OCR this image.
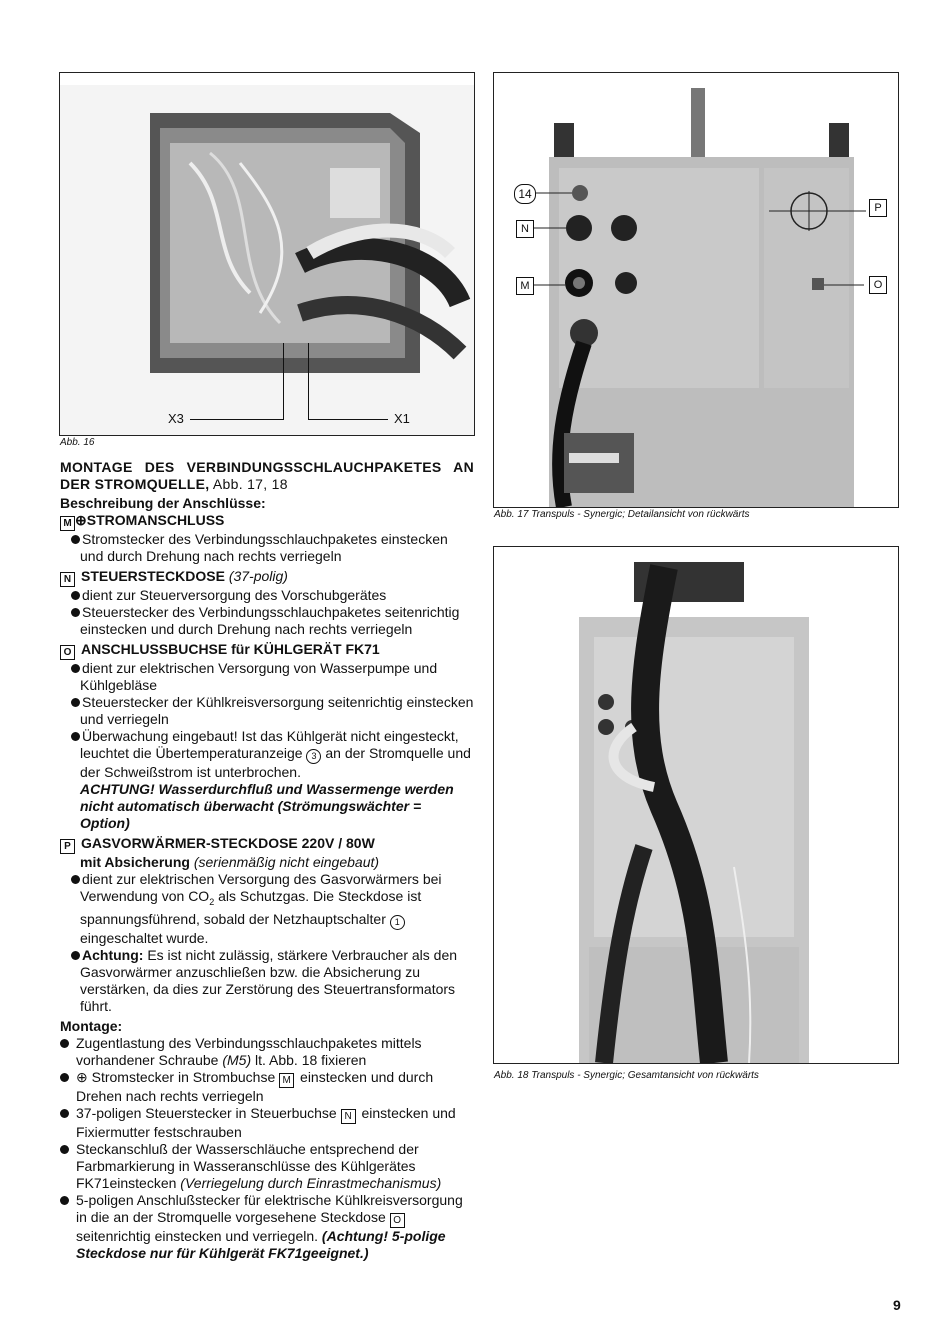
X3	X1
Abb. 16
14
N
M
P
O
Abb. 17 Transpuls - Synergic; Detailansicht von rückwärts
Abb. 18 Transpuls - Synergic; Gesamtansicht von rückwärts
MONTAGE DES VERBINDUNGSSCHLAUCHPAKETES AN DER STROMQUELLE, Abb. 17, 18
Beschreibung der Anschlüsse:
M ⊕STROMANSCHLUSS
Stromstecker des Verbindungsschlauchpaketes einstecken und durch Drehung nach rechts verriegeln
N STEUERSTECKDOSE (37-polig)
dient zur Steuerversorgung des Vorschubgerätes
Steuerstecker des Verbindungsschlauchpaketes seitenrichtig einstecken und durch Drehung nach rechts verriegeln
O ANSCHLUSSBUCHSE für KÜHLGERÄT FK71
dient zur elektrischen Versorgung von Wasserpumpe und Kühlgebläse
Steuerstecker der Kühlkreisversorgung seitenrichtig einstecken und verriegeln
Überwachung eingebaut! Ist das Kühlgerät nicht eingesteckt, leuchtet die Übertemperaturanzeige 3 an der Stromquelle und der Schweißstrom ist unterbrochen.
ACHTUNG! Wasserdurchfluß und Wassermenge werden nicht automatisch überwacht (Strömungswächter = Option)
P GASVORWÄRMER-STECKDOSE 220V / 80W
mit Absicherung (serienmäßig nicht eingebaut)
dient zur elektrischen Versorgung des Gasvorwärmers bei Verwendung von $CO_2$ als Schutzgas. Die Steckdose ist spannungsführend, sobald der Netzhauptschalter 1eingeschaltet wurde.
Achtung: Es ist nicht zulässig, stärkere Verbraucher als den Gasvorwärmer anzuschließen bzw. die Absicherung zu verstärken, da dies zur Zerstörung des Steuertransformators führt.
Montage:
Zugentlastung des Verbindungsschlauchpaketes mittels vorhandener Schraube (M5) lt. Abb. 18 fixieren
⊕ Stromstecker in Strombuchse M einstecken und durch Drehen nach rechts verriegeln
37-poligen Steuerstecker in Steuerbuchse N einstecken und Fixiermutter festschrauben
Steckanschluß der Wasserschläuche entsprechend der Farbmarkierung in Wasseranschlüsse des Kühlgerätes FK71einstecken (Verriegelung durch Einrastmechanismus)
5-poligen Anschlußstecker für elektrische Kühlkreisversorgung in die an der Stromquelle vorgesehene Steckdose O seitenrichtig einstecken und verriegeln. (Achtung! 5-polige Steckdose nur für Kühlgerät FK71geeignet.)
9
